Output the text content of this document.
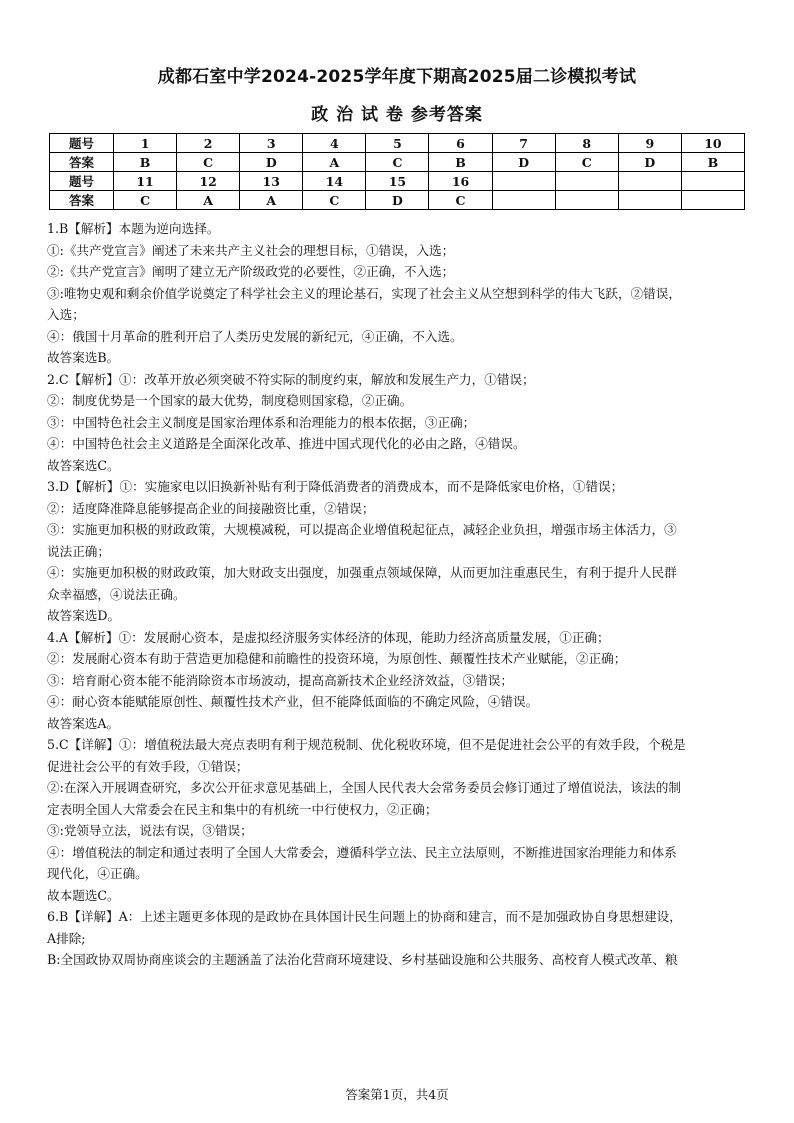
成都石室中学2024-2025学年度下期高2025届二诊模拟考试
政 治 试 卷 参考答案
题号	1	2	3	4	5	6	7	8	9	10
答案	B	C	D	A	C	B	D	C	D	B
题号	11	12	13	14	15	16				
答案	C	A	A	C	D	C				

1.B【解析】本题为逆向选择。

①:《共产党宣言》阐述了未来共产主义社会的理想目标，①错误，入选；

②:《共产党宣言》阐明了建立无产阶级政党的必要性，②正确，不入选；

③:唯物史观和剩余价值学说奠定了科学社会主义的理论基石，实现了社会主义从空想到科学的伟大飞跃，②错误，

入选；

④：俄国十月革命的胜利开启了人类历史发展的新纪元，④正确，不入选。

故答案选B。

2.C【解析】①：改革开放必须突破不符实际的制度约束，解放和发展生产力，①错误；

②：制度优势是一个国家的最大优势，制度稳则国家稳，②正确。

③：中国特色社会主义制度是国家治理体系和治理能力的根本依据，③正确；

④：中国特色社会主义道路是全面深化改革、推进中国式现代化的必由之路，④错误。

故答案选C。

3.D【解析】①：实施家电以旧换新补贴有利于降低消费者的消费成本，而不是降低家电价格，①错误；

②：适度降准降息能够提高企业的间接融资比重，②错误；

③：实施更加积极的财政政策，大规模减税，可以提高企业增值税起征点，减轻企业负担，增强市场主体活力，③

说法正确；

④：实施更加积极的财政政策，加大财政支出强度，加强重点领域保障，从而更加注重惠民生，有利于提升人民群

众幸福感，④说法正确。

故答案选D。

4.A【解析】①：发展耐心资本，是虚拟经济服务实体经济的体现，能助力经济高质量发展，①正确；

②：发展耐心资本有助于营造更加稳健和前瞻性的投资环境，为原创性、颠覆性技术产业赋能，②正确；

③：培育耐心资本能不能消除资本市场波动，提高高新技术企业经济效益，③错误；

④：耐心资本能赋能原创性、颠覆性技术产业，但不能降低面临的不确定风险，④错误。

故答案选A。

5.C【详解】①：增值税法最大亮点表明有利于规范税制、优化税收环境，但不是促进社会公平的有效手段，个税是

促进社会公平的有效手段，①错误；

②:在深入开展调查研究，多次公开征求意见基础上，全国人民代表大会常务委员会修订通过了增值说法，该法的制

定表明全国人大常委会在民主和集中的有机统一中行使权力，②正确；

③:党领导立法，说法有误，③错误；

④：增值税法的制定和通过表明了全国人大常委会，遵循科学立法、民主立法原则，不断推进国家治理能力和体系

现代化，④正确。

故本题选C。

6.B【详解】A：上述主题更多体现的是政协在具体国计民生问题上的协商和建言，而不是加强政协自身思想建设，

A排除;

B:全国政协双周协商座谈会的主题涵盖了法治化营商环境建设、乡村基础设施和公共服务、高校育人模式改革、粮

答案第1页，共4页
